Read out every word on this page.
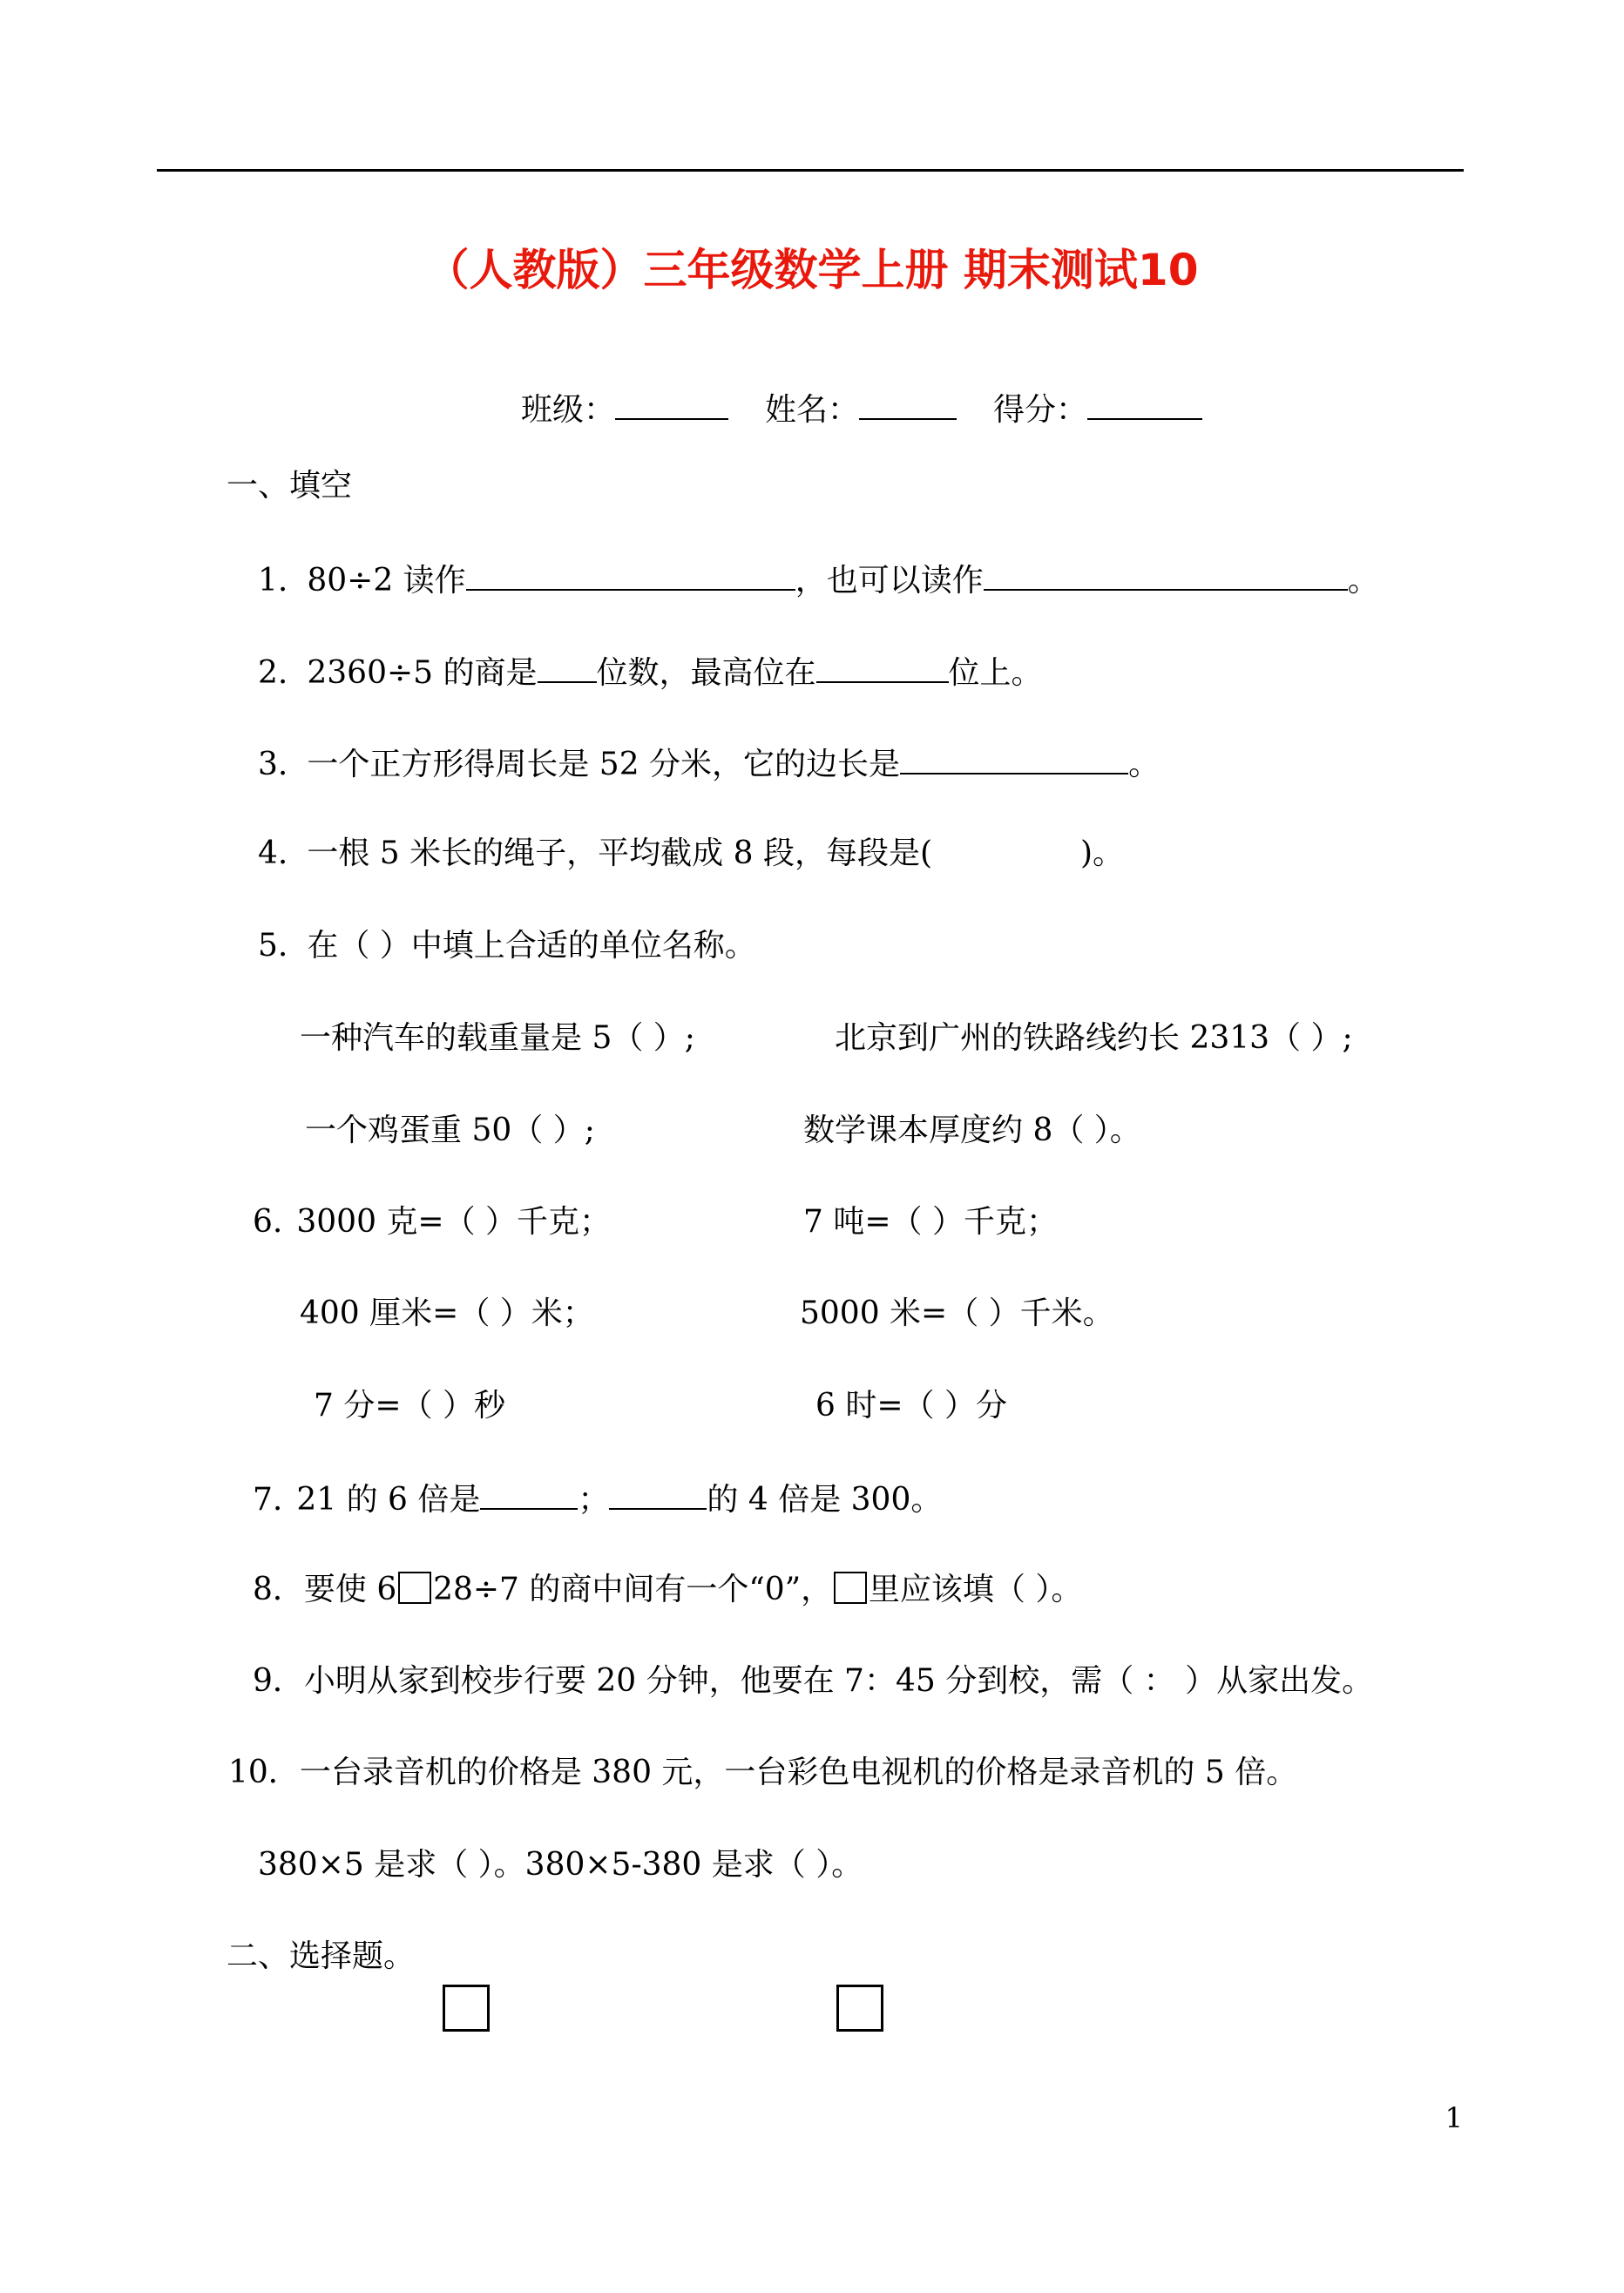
（人教版）三年级数学上册 期末测试10
班级：	姓名：	得分：
一、填空
1. 80÷2 读作	，也可以读作	。
2. 2360÷5 的商是 位数，最高位在	位上。
3. 一个正方形得周长是 52 分米，它的边长是	。
4. 一根 5 米长的绳子，平均截成 8 段，每段是(	)。
5. 在（ ）中填上合适的单位名称。
一种汽车的载重量是 5（ ）;	北京到广州的铁路线约长 2313（ ）;
一个鸡蛋重 50（ ）;	数学课本厚度约 8（ ）。
6. 3000 克=（ ）千克；	7 吨=（ ）千克；
400 厘米=（ ）米；	5000 米=（ ）千米。
7 分=（ ）秒	6 时=（ ）分
7. 21 的 6 倍是	；	的 4 倍是 300。
8．要使 6 28÷7 的商中间有一个“0”， 里应该填（ ）。
9．小明从家到校步行要 20 分钟，他要在 7：45 分到校，需（ ： ）从家出发。
10．一台录音机的价格是 380 元，一台彩色电视机的价格是录音机的 5 倍。
380×5 是求（ ）。380×5-380 是求（ ）。
二、选择题。
1
